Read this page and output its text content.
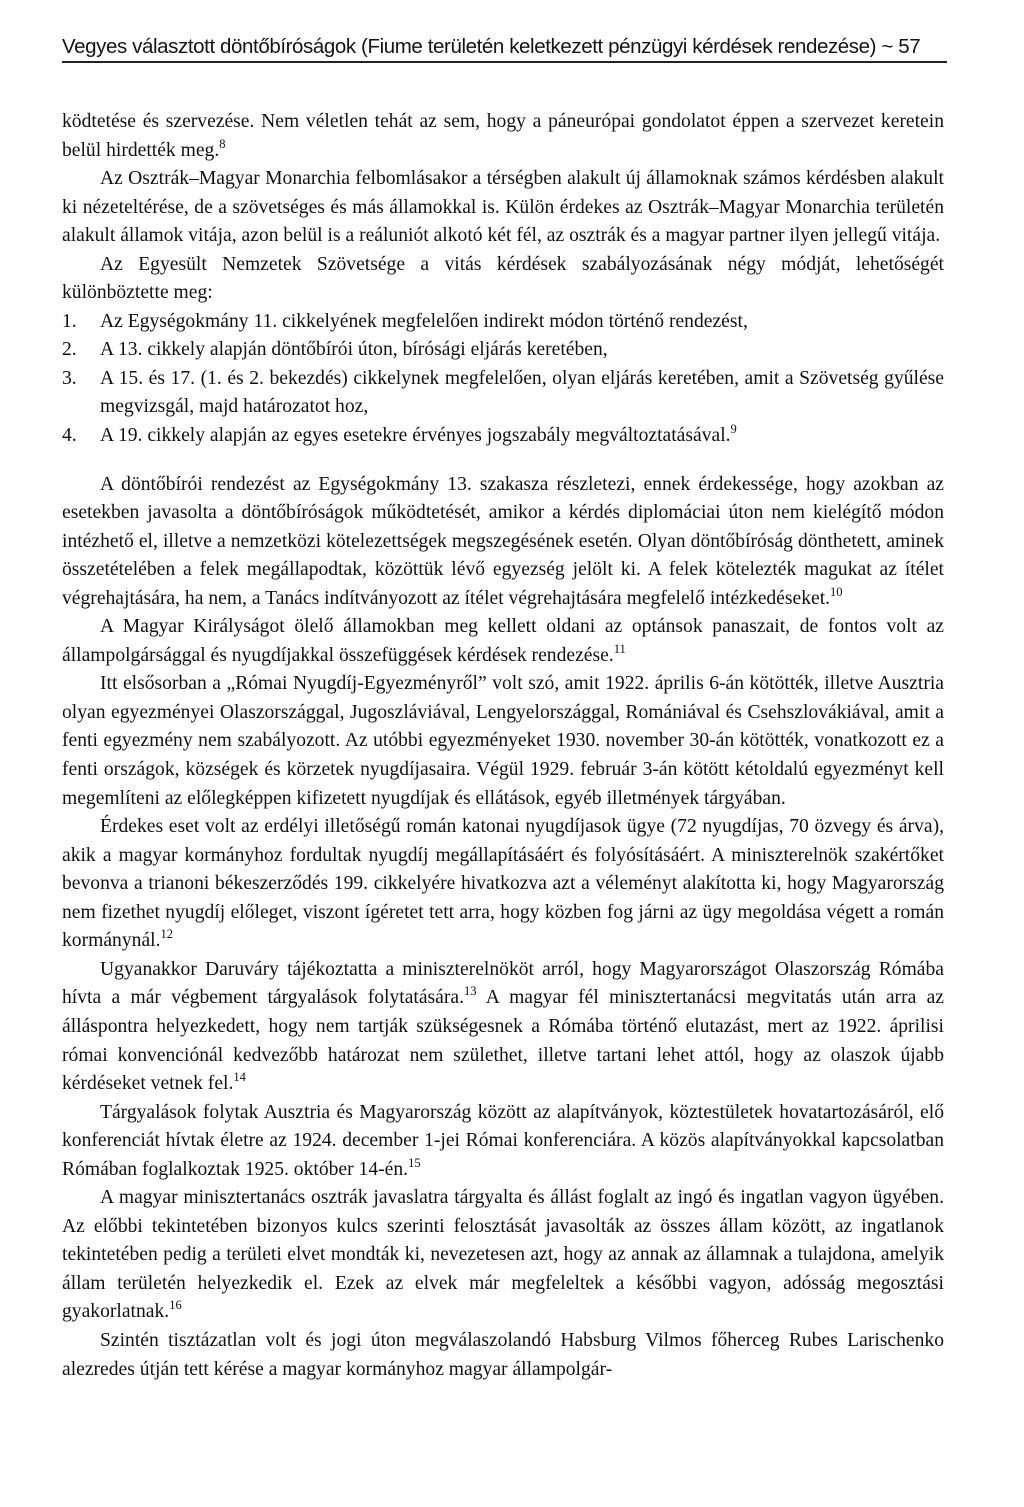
Vegyes választott döntőbíróságok (Fiume területén keletkezett pénzügyi kérdések rendezése) ~ 57

ködtetése és szervezése. Nem véletlen tehát az sem, hogy a páneurópai gondolatot éppen a szervezet keretein belül hirdették meg.$^8$

Az Osztrák–Magyar Monarchia felbomlásakor a térségben alakult új államoknak számos kérdésben alakult ki nézeteltérése, de a szövetséges és más államokkal is. Külön érdekes az Osztrák–Magyar Monarchia területén alakult államok vitája, azon belül is a reáluniót alkotó két fél, az osztrák és a magyar partner ilyen jellegű vitája.

Az Egyesült Nemzetek Szövetsége a vitás kérdések szabályozásának négy módját, lehetőségét különböztette meg:

1. Az Egységokmány 11. cikkelyének megfelelően indirekt módon történő rendezést,
2. A 13. cikkely alapján döntőbírói úton, bírósági eljárás keretében,
3. A 15. és 17. (1. és 2. bekezdés) cikkelynek megfelelően, olyan eljárás keretében, amit a Szövetség gyűlése megvizsgál, majd határozatot hoz,
4. A 19. cikkely alapján az egyes esetekre érvényes jogszabály megváltoztatásával.$^9$

A döntőbírói rendezést az Egységokmány 13. szakasza részletezi, ennek érdekessége, hogy azokban az esetekben javasolta a döntőbíróságok működtetését, amikor a kérdés diplomáciai úton nem kielégítő módon intézhető el, illetve a nemzetközi kötelezettségek megszegésének esetén. Olyan döntőbíróság dönthetett, aminek összetételében a felek megállapodtak, közöttük lévő egyezség jelölt ki. A felek kötelezték magukat az ítélet végrehajtására, ha nem, a Tanács indítványozott az ítélet végrehajtására megfelelő intézkedéseket.$^{10}$

A Magyar Királyságot ölelő államokban meg kellett oldani az optánsok panaszait, de fontos volt az állampolgársággal és nyugdíjakkal összefüggések kérdések rendezése.$^{11}$

Itt elsősorban a „Római Nyugdíj-Egyezményről” volt szó, amit 1922. április 6-án kötötték, illetve Ausztria olyan egyezményei Olaszországgal, Jugoszláviával, Lengyelországgal, Romániával és Csehszlovákiával, amit a fenti egyezmény nem szabályozott. Az utóbbi egyezményeket 1930. november 30-án kötötték, vonatkozott ez a fenti országok, községek és körzetek nyugdíjasaira. Végül 1929. február 3-án kötött kétoldalú egyezményt kell megemlíteni az előlegképpen kifizetett nyugdíjak és ellátások, egyéb illetmények tárgyában.

Érdekes eset volt az erdélyi illetőségű román katonai nyugdíjasok ügye (72 nyugdíjas, 70 özvegy és árva), akik a magyar kormányhoz fordultak nyugdíj megállapításáért és folyósításáért. A miniszterelnök szakértőket bevonva a trianoni békeszerződés 199. cikkelyére hivatkozva azt a véleményt alakította ki, hogy Magyarország nem fizethet nyugdíj előleget, viszont ígéretet tett arra, hogy közben fog járni az ügy megoldása végett a román kormánynál.$^{12}$

Ugyanakkor Daruváry tájékoztatta a miniszterelnököt arról, hogy Magyarországot Olaszország Rómába hívta a már végbement tárgyalások folytatására.$^{13}$ A magyar fél minisztertanácsi megvitatás után arra az álláspontra helyezkedett, hogy nem tartják szükségesnek a Rómába történő elutazást, mert az 1922. áprilisi római konvenciónál kedvezőbb határozat nem születhet, illetve tartani lehet attól, hogy az olaszok újabb kérdéseket vetnek fel.$^{14}$

Tárgyalások folytak Ausztria és Magyarország között az alapítványok, köztestületek hovatartozásáról, elő konferenciát hívtak életre az 1924. december 1-jei Római konferenciára. A közös alapítványokkal kapcsolatban Rómában foglalkoztak 1925. október 14-én.$^{15}$

A magyar minisztertanács osztrák javaslatra tárgyalta és állást foglalt az ingó és ingatlan vagyon ügyében. Az előbbi tekintetében bizonyos kulcs szerinti felosztását javasolták az összes állam között, az ingatlanok tekintetében pedig a területi elvet mondták ki, nevezetesen azt, hogy az annak az államnak a tulajdona, amelyik állam területén helyezkedik el. Ezek az elvek már megfeleltek a későbbi vagyon, adósság megosztási gyakorlatnak.$^{16}$

Szintén tisztázatlan volt és jogi úton megválaszolandó Habsburg Vilmos főherceg Rubes Larischenko alezredes útján tett kérése a magyar kormányhoz magyar állampolgár-
